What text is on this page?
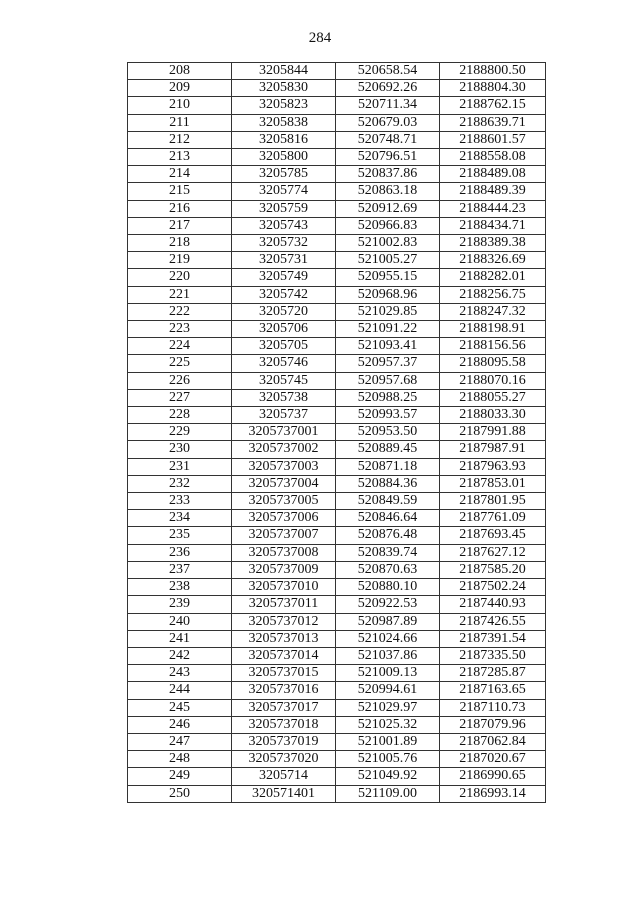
284
208	3205844	520658.54	2188800.50
209	3205830	520692.26	2188804.30
210	3205823	520711.34	2188762.15
211	3205838	520679.03	2188639.71
212	3205816	520748.71	2188601.57
213	3205800	520796.51	2188558.08
214	3205785	520837.86	2188489.08
215	3205774	520863.18	2188489.39
216	3205759	520912.69	2188444.23
217	3205743	520966.83	2188434.71
218	3205732	521002.83	2188389.38
219	3205731	521005.27	2188326.69
220	3205749	520955.15	2188282.01
221	3205742	520968.96	2188256.75
222	3205720	521029.85	2188247.32
223	3205706	521091.22	2188198.91
224	3205705	521093.41	2188156.56
225	3205746	520957.37	2188095.58
226	3205745	520957.68	2188070.16
227	3205738	520988.25	2188055.27
228	3205737	520993.57	2188033.30
229	3205737001	520953.50	2187991.88
230	3205737002	520889.45	2187987.91
231	3205737003	520871.18	2187963.93
232	3205737004	520884.36	2187853.01
233	3205737005	520849.59	2187801.95
234	3205737006	520846.64	2187761.09
235	3205737007	520876.48	2187693.45
236	3205737008	520839.74	2187627.12
237	3205737009	520870.63	2187585.20
238	3205737010	520880.10	2187502.24
239	3205737011	520922.53	2187440.93
240	3205737012	520987.89	2187426.55
241	3205737013	521024.66	2187391.54
242	3205737014	521037.86	2187335.50
243	3205737015	521009.13	2187285.87
244	3205737016	520994.61	2187163.65
245	3205737017	521029.97	2187110.73
246	3205737018	521025.32	2187079.96
247	3205737019	521001.89	2187062.84
248	3205737020	521005.76	2187020.67
249	3205714	521049.92	2186990.65
250	320571401	521109.00	2186993.14
